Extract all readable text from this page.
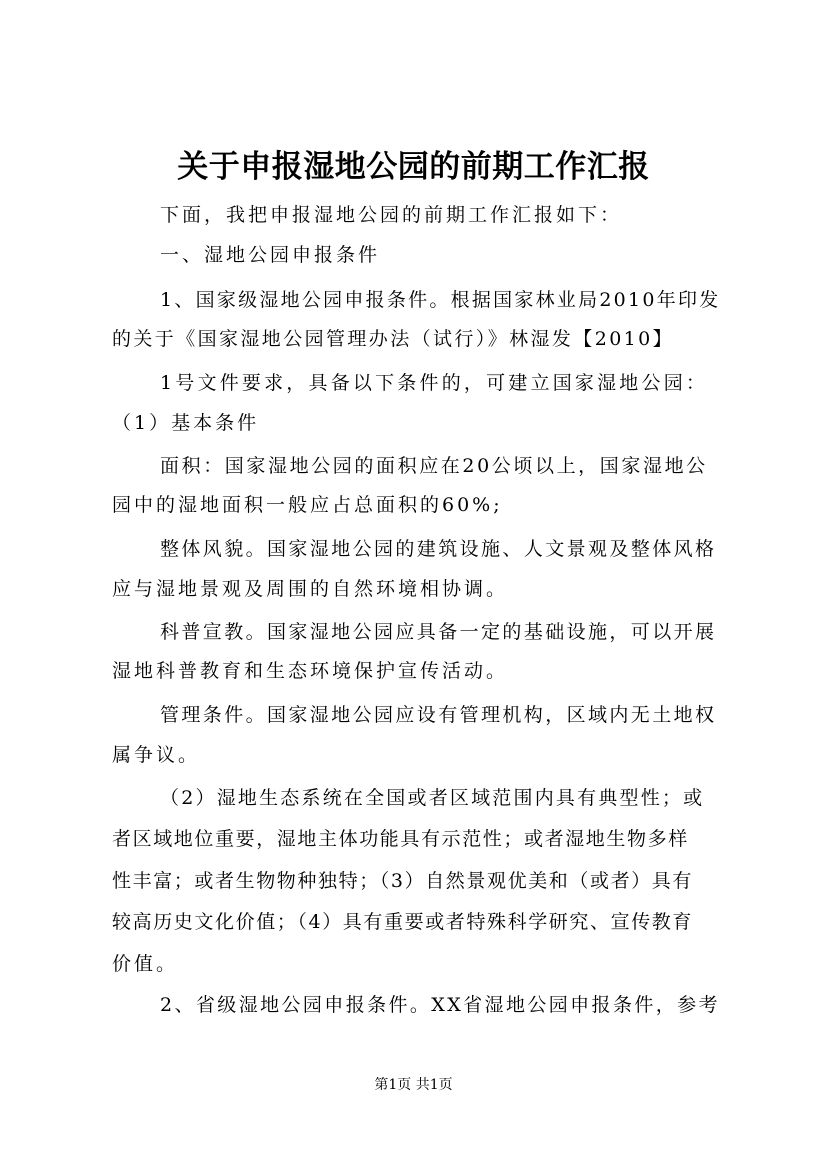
关于申报湿地公园的前期工作汇报
下面，我把申报湿地公园的前期工作汇报如下：
一、湿地公园申报条件
1、国家级湿地公园申报条件。根据国家林业局2010年印发
的关于《国家湿地公园管理办法（试行）》林湿发【2010】
1号文件要求，具备以下条件的，可建立国家湿地公园：
（1）基本条件
面积：国家湿地公园的面积应在20公顷以上，国家湿地公
园中的湿地面积一般应占总面积的60%;
整体风貌。国家湿地公园的建筑设施、人文景观及整体风格
应与湿地景观及周围的自然环境相协调。
科普宣教。国家湿地公园应具备一定的基础设施，可以开展
湿地科普教育和生态环境保护宣传活动。
管理条件。国家湿地公园应设有管理机构，区域内无土地权
属争议。
（2）湿地生态系统在全国或者区域范围内具有典型性；或
者区域地位重要，湿地主体功能具有示范性；或者湿地生物多样
性丰富；或者生物物种独特；（3）自然景观优美和（或者）具有
较高历史文化价值；（4）具有重要或者特殊科学研究、宣传教育
价值。
2、省级湿地公园申报条件。XX省湿地公园申报条件，参考
第1页 共1页
